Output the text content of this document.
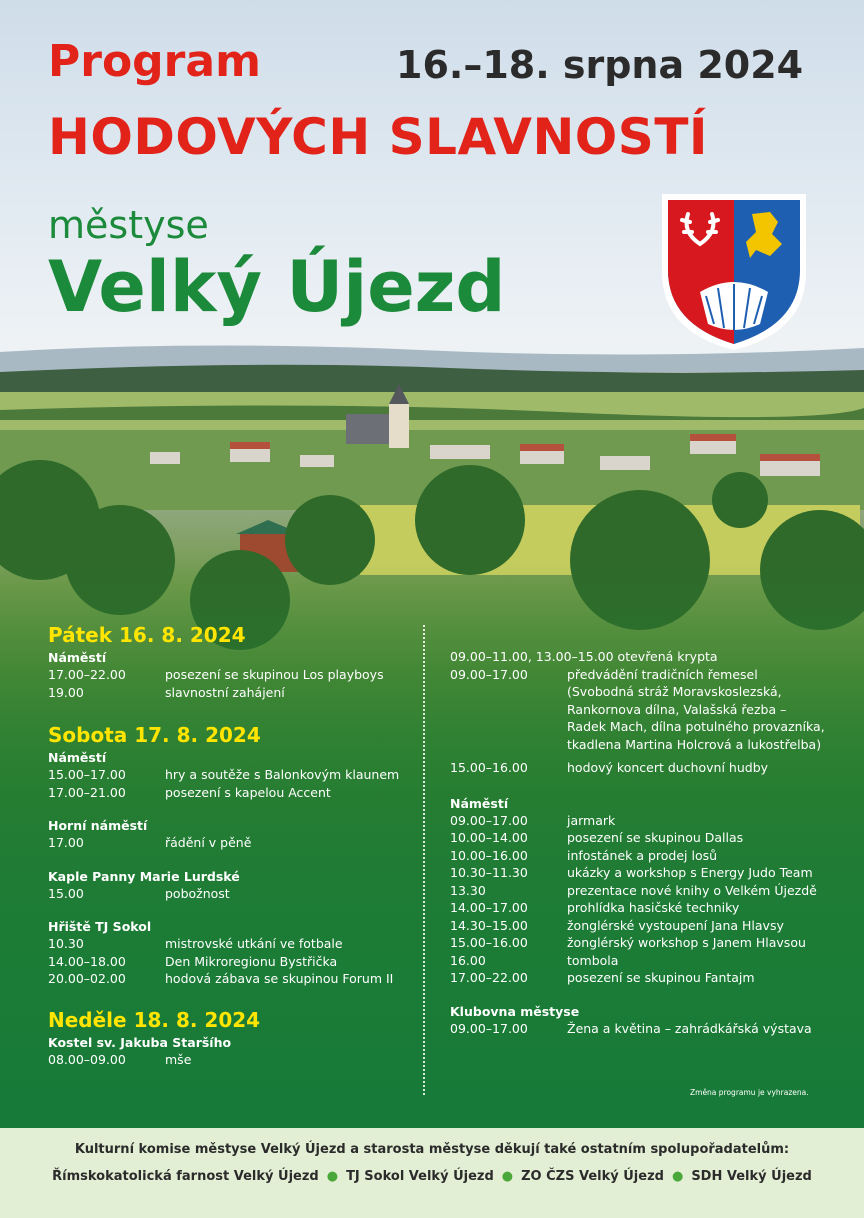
Program	16.–18. srpna 2024
HODOVÝCH SLAVNOSTÍ
městyse
Velký Újezd
Pátek 16. 8. 2024
Náměstí
17.00–22.00	posezení se skupinou Los playboys
19.00	slavnostní zahájení
Sobota 17. 8. 2024
Náměstí
15.00–17.00	hry a soutěže s Balonkovým klaunem
17.00–21.00	posezení s kapelou Accent
Horní náměstí
17.00	řádění v pěně
Kaple Panny Marie Lurdské
15.00	pobožnost
Hřiště TJ Sokol
10.30	mistrovské utkání ve fotbale
14.00–18.00	Den Mikroregionu Bystřička
20.00–02.00	hodová zábava se skupinou Forum II
Neděle 18. 8. 2024
Kostel sv. Jakuba Staršího
08.00–09.00	mše
09.00–11.00, 13.00–15.00 otevřená krypta
09.00–17.00	předvádění tradičních řemesel (Svobodná stráž Moravskoslezská, Rankornova dílna, Valašská řezba – Radek Mach, dílna potulného provazníka, tkadlena Martina Holcrová a lukostřelba)
15.00–16.00	hodový koncert duchovní hudby
Náměstí
09.00–17.00	jarmark
10.00–14.00	posezení se skupinou Dallas
10.00–16.00	infostánek a prodej losů
10.30–11.30	ukázky a workshop s Energy Judo Team
13.30	prezentace nové knihy o Velkém Újezdě
14.00–17.00	prohlídka hasičské techniky
14.30–15.00	žonglérské vystoupení Jana Hlavsy
15.00–16.00	žonglérský workshop s Janem Hlavsou
16.00	tombola
17.00–22.00	posezení se skupinou Fantajm
Klubovna městyse
09.00–17.00	Žena a květina – zahrádkářská výstava
Změna programu je vyhrazena.
Kulturní komise městyse Velký Újezd a starosta městyse děkují také ostatním spolupořadatelům:
Římskokatolická farnost Velký Újezd ● TJ Sokol Velký Újezd ● ZO ČZS Velký Újezd ● SDH Velký Újezd
